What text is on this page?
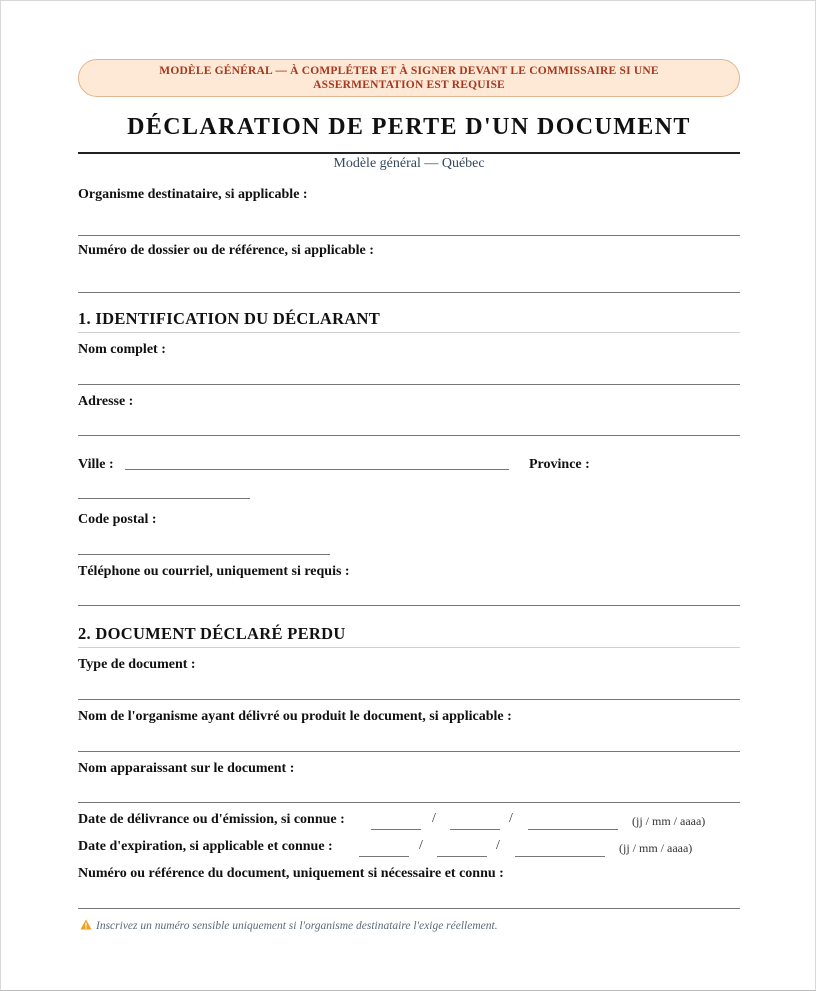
MODÈLE GÉNÉRAL — À COMPLÉTER ET À SIGNER DEVANT LE COMMISSAIRE SI UNE
ASSERMENTATION EST REQUISE
DÉCLARATION DE PERTE D'UN DOCUMENT
Modèle général — Québec
Organisme destinataire, si applicable :
Numéro de dossier ou de référence, si applicable :
1. IDENTIFICATION DU DÉCLARANT
Nom complet :
Adresse :
Ville :	Province :
Code postal :
Téléphone ou courriel, uniquement si requis :
2. DOCUMENT DÉCLARÉ PERDU
Type de document :
Nom de l'organisme ayant délivré ou produit le document, si applicable :
Nom apparaissant sur le document :
Date de délivrance ou d'émission, si connue :	/	/	(jj / mm / aaaa)
Date d'expiration, si applicable et connue :	/	/	(jj / mm / aaaa)
Numéro ou référence du document, uniquement si nécessaire et connu :
Inscrivez un numéro sensible uniquement si l'organisme destinataire l'exige réellement.
